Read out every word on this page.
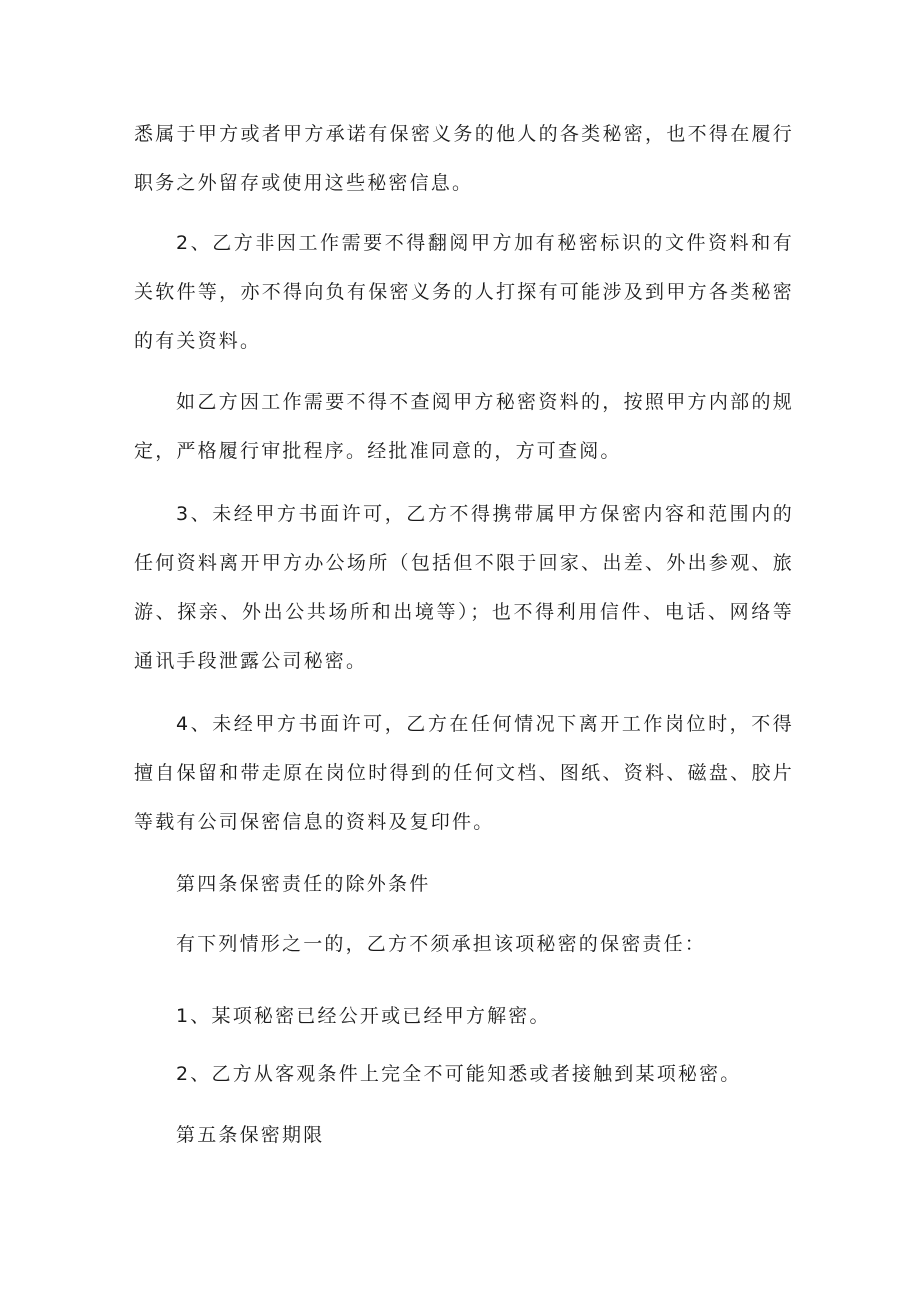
悉属于甲方或者甲方承诺有保密义务的他人的各类秘密，也不得在履行职务之外留存或使用这些秘密信息。

2、乙方非因工作需要不得翻阅甲方加有秘密标识的文件资料和有关软件等，亦不得向负有保密义务的人打探有可能涉及到甲方各类秘密的有关资料。

如乙方因工作需要不得不查阅甲方秘密资料的，按照甲方内部的规定，严格履行审批程序。经批准同意的，方可查阅。

3、未经甲方书面许可，乙方不得携带属甲方保密内容和范围内的任何资料离开甲方办公场所（包括但不限于回家、出差、外出参观、旅游、探亲、外出公共场所和出境等）；也不得利用信件、电话、网络等通讯手段泄露公司秘密。

4、未经甲方书面许可，乙方在任何情况下离开工作岗位时，不得擅自保留和带走原在岗位时得到的任何文档、图纸、资料、磁盘、胶片等载有公司保密信息的资料及复印件。

第四条保密责任的除外条件

有下列情形之一的，乙方不须承担该项秘密的保密责任：

1、某项秘密已经公开或已经甲方解密。

2、乙方从客观条件上完全不可能知悉或者接触到某项秘密。

第五条保密期限
